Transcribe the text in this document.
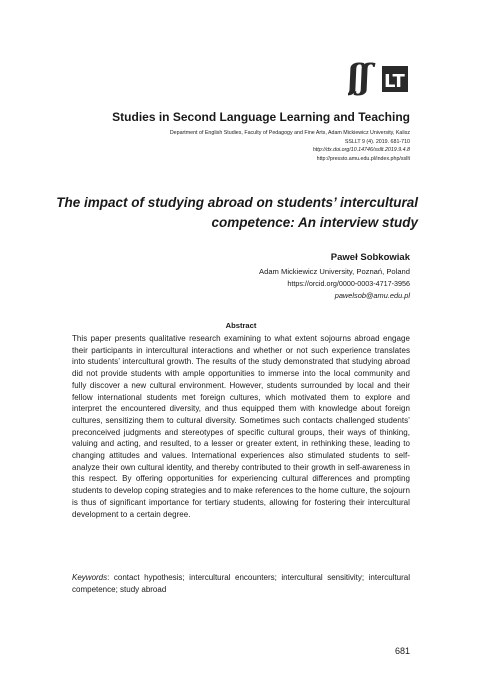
ʃʃ LT
Studies in Second Language Learning and Teaching
Department of English Studies, Faculty of Pedagogy and Fine Arts, Adam Mickiewicz University, Kalisz
SSLLT 9 (4). 2019. 681-710
http://dx.doi.org/10.14746/ssllt.2019.9.4.8
http://pressto.amu.edu.pl/index.php/ssllt
The impact of studying abroad on students’ intercultural competence: An interview study
Paweł Sobkowiak
Adam Mickiewicz University, Poznań, Poland
https://orcid.org/0000-0003-4717-3956
pawelsob@amu.edu.pl
Abstract
This paper presents qualitative research examining to what extent sojourns abroad engage their participants in intercultural interactions and whether or not such experience translates into students’ intercultural growth. The results of the study demonstrated that studying abroad did not provide students with ample opportunities to immerse into the local community and fully discover a new cultural environment. However, students surrounded by local and their fellow international students met foreign cultures, which motivated them to explore and interpret the encountered diversity, and thus equipped them with knowledge about foreign cultures, sensitizing them to cultural diversity. Sometimes such contacts challenged students’ preconceived judgments and stereotypes of specific cultural groups, their ways of thinking, valuing and acting, and resulted, to a lesser or greater extent, in rethinking these, leading to changing attitudes and values. International experiences also stimulated students to self-analyze their own cultural identity, and thereby contributed to their growth in self-awareness in this respect. By offering opportunities for experiencing cultural differences and prompting students to develop coping strategies and to make references to the home culture, the sojourn is thus of significant importance for tertiary students, allowing for fostering their intercultural development to a certain degree.
Keywords: contact hypothesis; intercultural encounters; intercultural sensitivity; intercultural competence; study abroad
681
